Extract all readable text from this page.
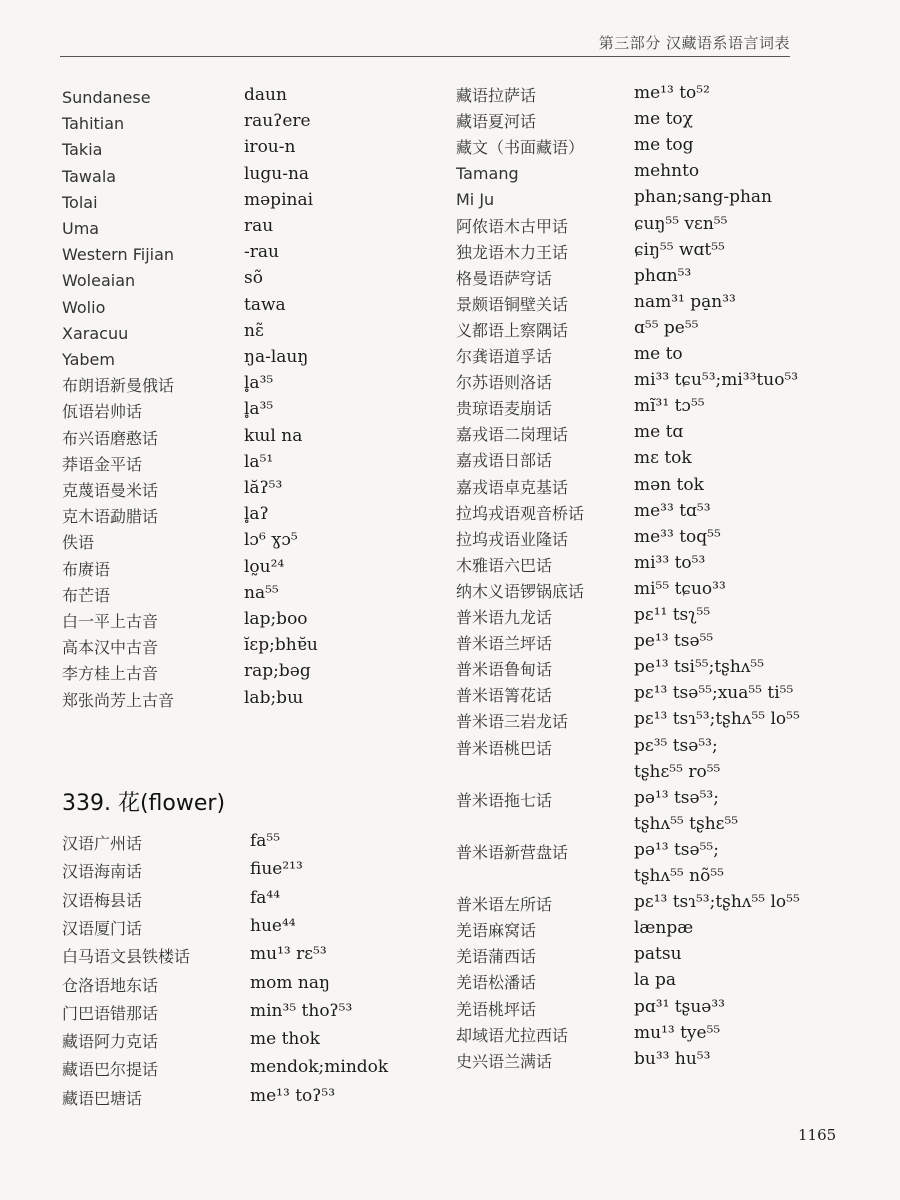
第三部分 汉藏语系语言词表
Sundanese	daun
Tahitian	rauʔere
Takia	irou-n
Tawala	lugu-na
Tolai	məpinai
Uma	rau
Western Fijian	-rau
Woleaian	sõ
Wolio	tawa
Xaracuu	nɛ̃
Yabem	ŋa-lauŋ
布朗语新曼俄话	l̥a³⁵
佤语岩帅话	l̥a³⁵
布兴语磨憨话	kɯl na
莽语金平话	la⁵¹
克蔑语曼米话	lăʔ⁵³
克木语勐腊话	l̥aʔ
佚语	lɔ⁶ ɣɔ⁵
布赓语	lo̰u²⁴
布芒语	na⁵⁵
白一平上古音	lap;boo
高本汉中古音	ĭɛp;bhɐ̆u
李方桂上古音	rap;bəg
郑张尚芳上古音	lab;bɯ
339. 花(flower)
汉语广州话	fa⁵⁵
汉语海南话	fiue²¹³
汉语梅县话	fa⁴⁴
汉语厦门话	hue⁴⁴
白马语文县铁楼话	mu¹³ rɛ⁵³
仓洛语地东话	mom naŋ
门巴语错那话	min³⁵ thoʔ⁵³
藏语阿力克话	me thok
藏语巴尔提话	mendok;mindok
藏语巴塘话	me¹³ toʔ⁵³
藏语拉萨话	me¹³ to⁵²
藏语夏河话	me toχ
藏文（书面藏语）	me tog
Tamang	mehnto
Mi Ju	phan;sang-phan
阿侬语木古甲话	ɕuŋ⁵⁵ vɛn⁵⁵
独龙语木力王话	ɕiŋ⁵⁵ wɑt⁵⁵
格曼语萨穹话	phɑn⁵³
景颇语铜壁关话	nam³¹ pa̠n³³
义都语上察隅话	ɑ⁵⁵ pe⁵⁵
尔龚语道孚话	me to
尔苏语则洛话	mi³³ tɕu⁵³;mi³³tuo⁵³
贵琼语麦崩话	mĩ³¹ tɔ⁵⁵
嘉戎语二岗理话	me tɑ
嘉戎语日部话	mɛ tok
嘉戎语卓克基话	mən tok
拉坞戎语观音桥话	me³³ tɑ⁵³
拉坞戎语业隆话	me³³ toq⁵⁵
木雅语六巴话	mi³³ to⁵³
纳木义语锣锅底话	mi⁵⁵ tɕuo³³
普米语九龙话	pɛ¹¹ tsʅ⁵⁵
普米语兰坪话	pe¹³ tsə⁵⁵
普米语鲁甸话	pe¹³ tsi⁵⁵;tʂhʌ⁵⁵
普米语箐花话	pɛ¹³ tsə⁵⁵;xua⁵⁵ ti⁵⁵
普米语三岩龙话	pɛ¹³ tsɿ⁵³;tʂhʌ⁵⁵ lo⁵⁵
普米语桃巴话	pɛ³⁵ tsə⁵³;
tʂhɛ⁵⁵ ro⁵⁵
普米语拖七话	pə¹³ tsə⁵³;
tʂhʌ⁵⁵ tʂhɛ⁵⁵
普米语新营盘话	pə¹³ tsə⁵⁵;
tʂhʌ⁵⁵ nõ⁵⁵
普米语左所话	pɛ¹³ tsɿ⁵³;tʂhʌ⁵⁵ lo⁵⁵
羌语麻窝话	lænpæ
羌语蒲西话	patsu
羌语松潘话	la pa
羌语桃坪话	pɑ³¹ tʂuə³³
却域语尤拉西话	mu¹³ tye⁵⁵
史兴语兰满话	bu³³ hu⁵³
1165
